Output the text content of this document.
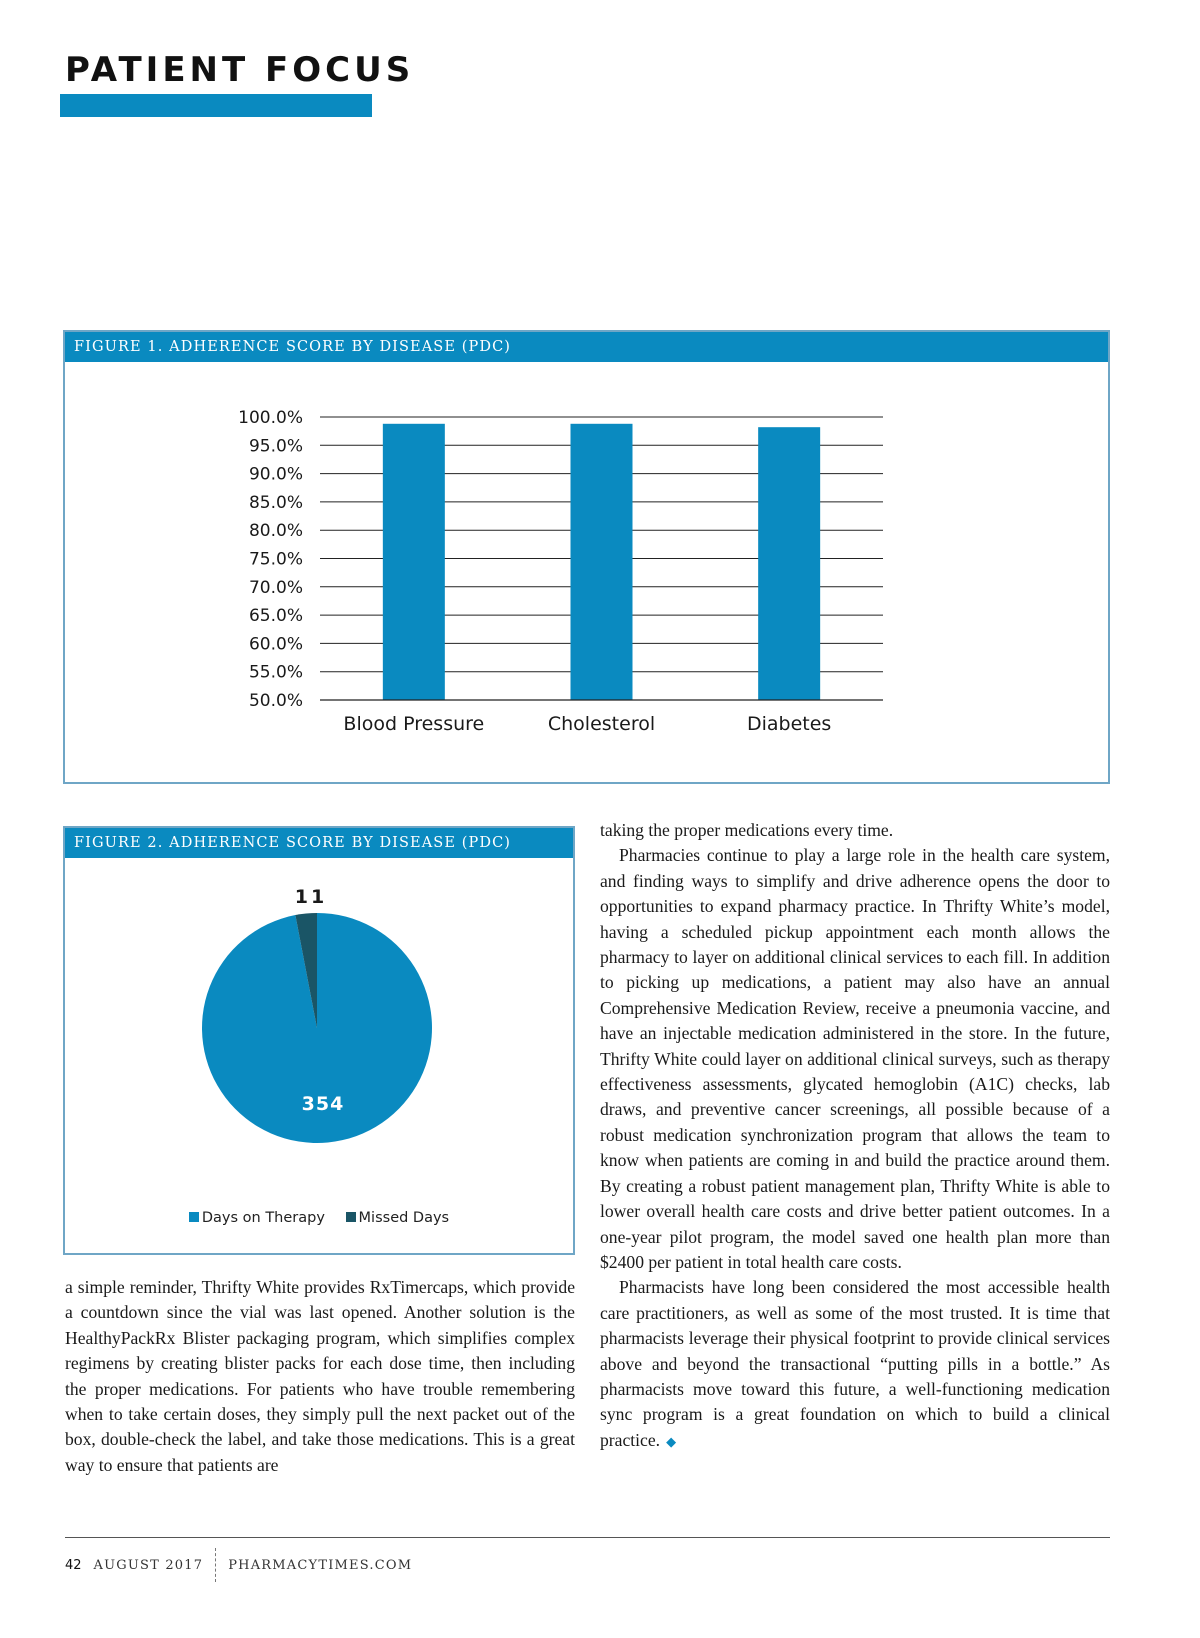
PATIENT FOCUS
FIGURE 1. ADHERENCE SCORE BY DISEASE (PDC)
50.0%
55.0%
60.0%
65.0%
70.0%
75.0%
80.0%
85.0%
90.0%
95.0%
100.0%
Blood Pressure	Cholesterol	Diabetes
FIGURE 2. ADHERENCE SCORE BY DISEASE (PDC)
354
11
Days on Therapy Missed Days

a simple reminder, Thrifty White provides RxTimercaps, which provide a countdown since the vial was last opened. Another solution is the HealthyPackRx Blister packaging program, which simplifies complex regimens by creating blister packs for each dose time, then including the proper medications. For patients who have trouble remembering when to take certain doses, they simply pull the next packet out of the box, double-check the label, and take those medications. This is a great way to ensure that patients are

taking the proper medications every time.

Pharmacies continue to play a large role in the health care system, and finding ways to simplify and drive adherence opens the door to opportunities to expand pharmacy practice. In Thrifty White’s model, having a scheduled pickup appointment each month allows the pharmacy to layer on additional clinical services to each fill. In addition to picking up medications, a patient may also have an annual Comprehensive Medication Review, receive a pneumonia vaccine, and have an injectable medication administered in the store. In the future, Thrifty White could layer on additional clinical surveys, such as therapy effectiveness assessments, glycated hemoglobin (A1C) checks, lab draws, and preventive cancer screenings, all possible because of a robust medication synchronization program that allows the team to know when patients are coming in and build the practice around them. By creating a robust patient management plan, Thrifty White is able to lower overall health care costs and drive better patient outcomes. In a one-year pilot program, the model saved one health plan more than $2400 per patient in total health care costs.

Pharmacists have long been considered the most accessible health care practitioners, as well as some of the most trusted. It is time that pharmacists leverage their physical footprint to provide clinical services above and beyond the transactional “putting pills in a bottle.” As pharmacists move toward this future, a well-functioning medication sync program is a great foundation on which to build a clinical practice. ◆

42 AUGUST 2017 PHARMACYTIMES.COM
